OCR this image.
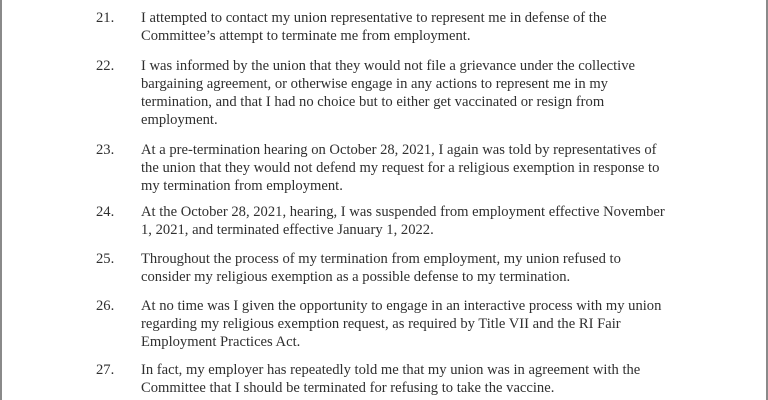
21.	I attempted to contact my union representative to represent me in defense of the
Committee’s attempt to terminate me from employment.
22.	I was informed by the union that they would not file a grievance under the collective
bargaining agreement, or otherwise engage in any actions to represent me in my
termination, and that I had no choice but to either get vaccinated or resign from
employment.
23.	At a pre-termination hearing on October 28, 2021, I again was told by representatives of
the union that they would not defend my request for a religious exemption in response to
my termination from employment.
24.	At the October 28, 2021, hearing, I was suspended from employment effective November
1, 2021, and terminated effective January 1, 2022.
25.	Throughout the process of my termination from employment, my union refused to
consider my religious exemption as a possible defense to my termination.
26.	At no time was I given the opportunity to engage in an interactive process with my union
regarding my religious exemption request, as required by Title VII and the RI Fair
Employment Practices Act.
27.	In fact, my employer has repeatedly told me that my union was in agreement with the
Committee that I should be terminated for refusing to take the vaccine.
